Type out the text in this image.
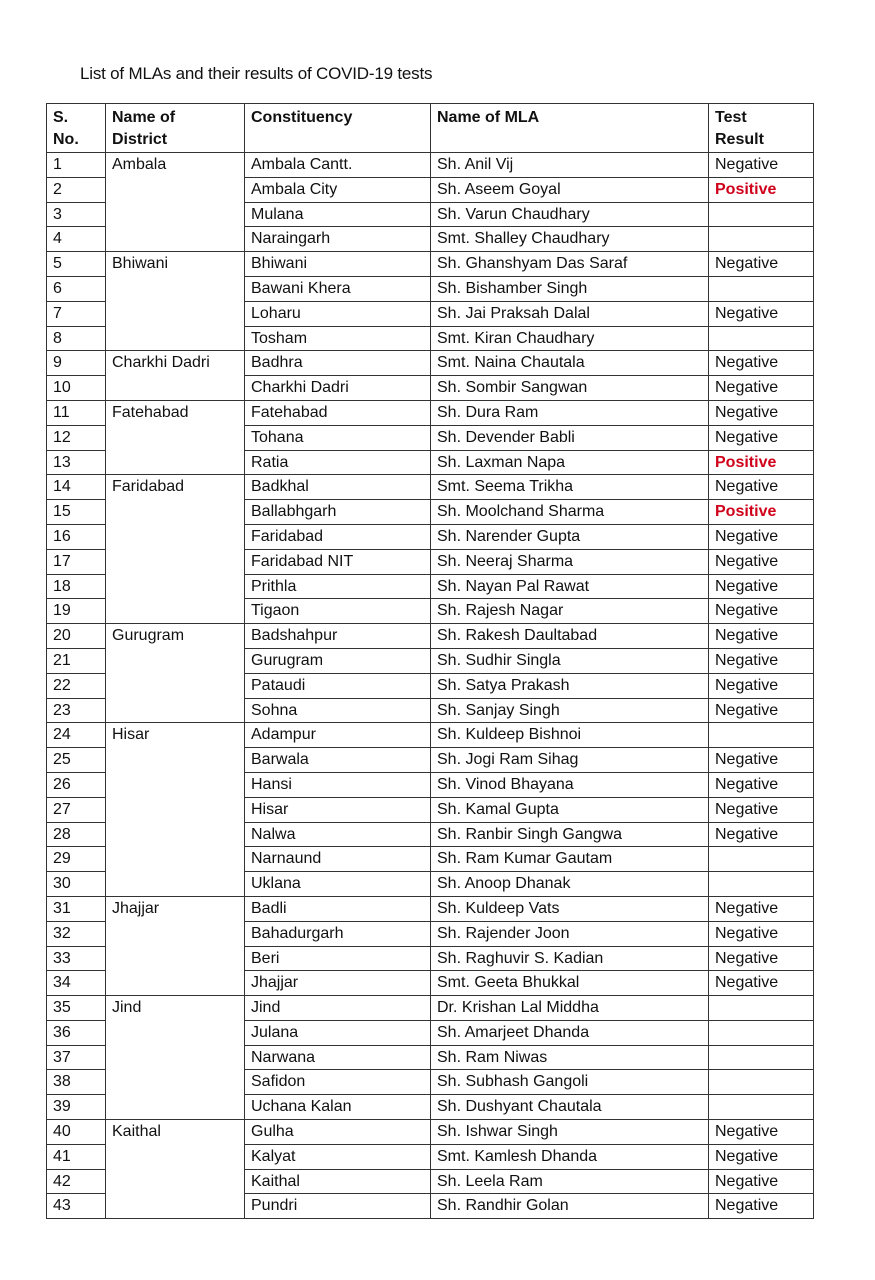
List of MLAs and their results of COVID-19 tests
S.
No.	Name of
District	Constituency	Name of MLA	Test
Result
1	Ambala	Ambala Cantt.	Sh. Anil Vij	Negative
2		Ambala City	Sh. Aseem Goyal	Positive
3		Mulana	Sh. Varun Chaudhary	
4		Naraingarh	Smt. Shalley Chaudhary	
5	Bhiwani	Bhiwani	Sh. Ghanshyam Das Saraf	Negative
6		Bawani Khera	Sh. Bishamber Singh	
7		Loharu	Sh. Jai Praksah Dalal	Negative
8		Tosham	Smt. Kiran Chaudhary	
9	Charkhi Dadri	Badhra	Smt. Naina Chautala	Negative
10		Charkhi Dadri	Sh. Sombir Sangwan	Negative
11	Fatehabad	Fatehabad	Sh. Dura Ram	Negative
12		Tohana	Sh. Devender Babli	Negative
13		Ratia	Sh. Laxman Napa	Positive
14	Faridabad	Badkhal	Smt. Seema Trikha	Negative
15		Ballabhgarh	Sh. Moolchand Sharma	Positive
16		Faridabad	Sh. Narender Gupta	Negative
17		Faridabad NIT	Sh. Neeraj Sharma	Negative
18		Prithla	Sh. Nayan Pal Rawat	Negative
19		Tigaon	Sh. Rajesh Nagar	Negative
20	Gurugram	Badshahpur	Sh. Rakesh Daultabad	Negative
21		Gurugram	Sh. Sudhir Singla	Negative
22		Pataudi	Sh. Satya Prakash	Negative
23		Sohna	Sh. Sanjay Singh	Negative
24	Hisar	Adampur	Sh. Kuldeep Bishnoi	
25		Barwala	Sh. Jogi Ram Sihag	Negative
26		Hansi	Sh. Vinod Bhayana	Negative
27		Hisar	Sh. Kamal Gupta	Negative
28		Nalwa	Sh. Ranbir Singh Gangwa	Negative
29		Narnaund	Sh. Ram Kumar Gautam	
30		Uklana	Sh. Anoop Dhanak	
31	Jhajjar	Badli	Sh. Kuldeep Vats	Negative
32		Bahadurgarh	Sh. Rajender Joon	Negative
33		Beri	Sh. Raghuvir S. Kadian	Negative
34		Jhajjar	Smt. Geeta Bhukkal	Negative
35	Jind	Jind	Dr. Krishan Lal Middha	
36		Julana	Sh. Amarjeet Dhanda	
37		Narwana	Sh. Ram Niwas	
38		Safidon	Sh. Subhash Gangoli	
39		Uchana Kalan	Sh. Dushyant Chautala	
40	Kaithal	Gulha	Sh. Ishwar Singh	Negative
41		Kalyat	Smt. Kamlesh Dhanda	Negative
42		Kaithal	Sh. Leela Ram	Negative
43		Pundri	Sh. Randhir Golan	Negative
